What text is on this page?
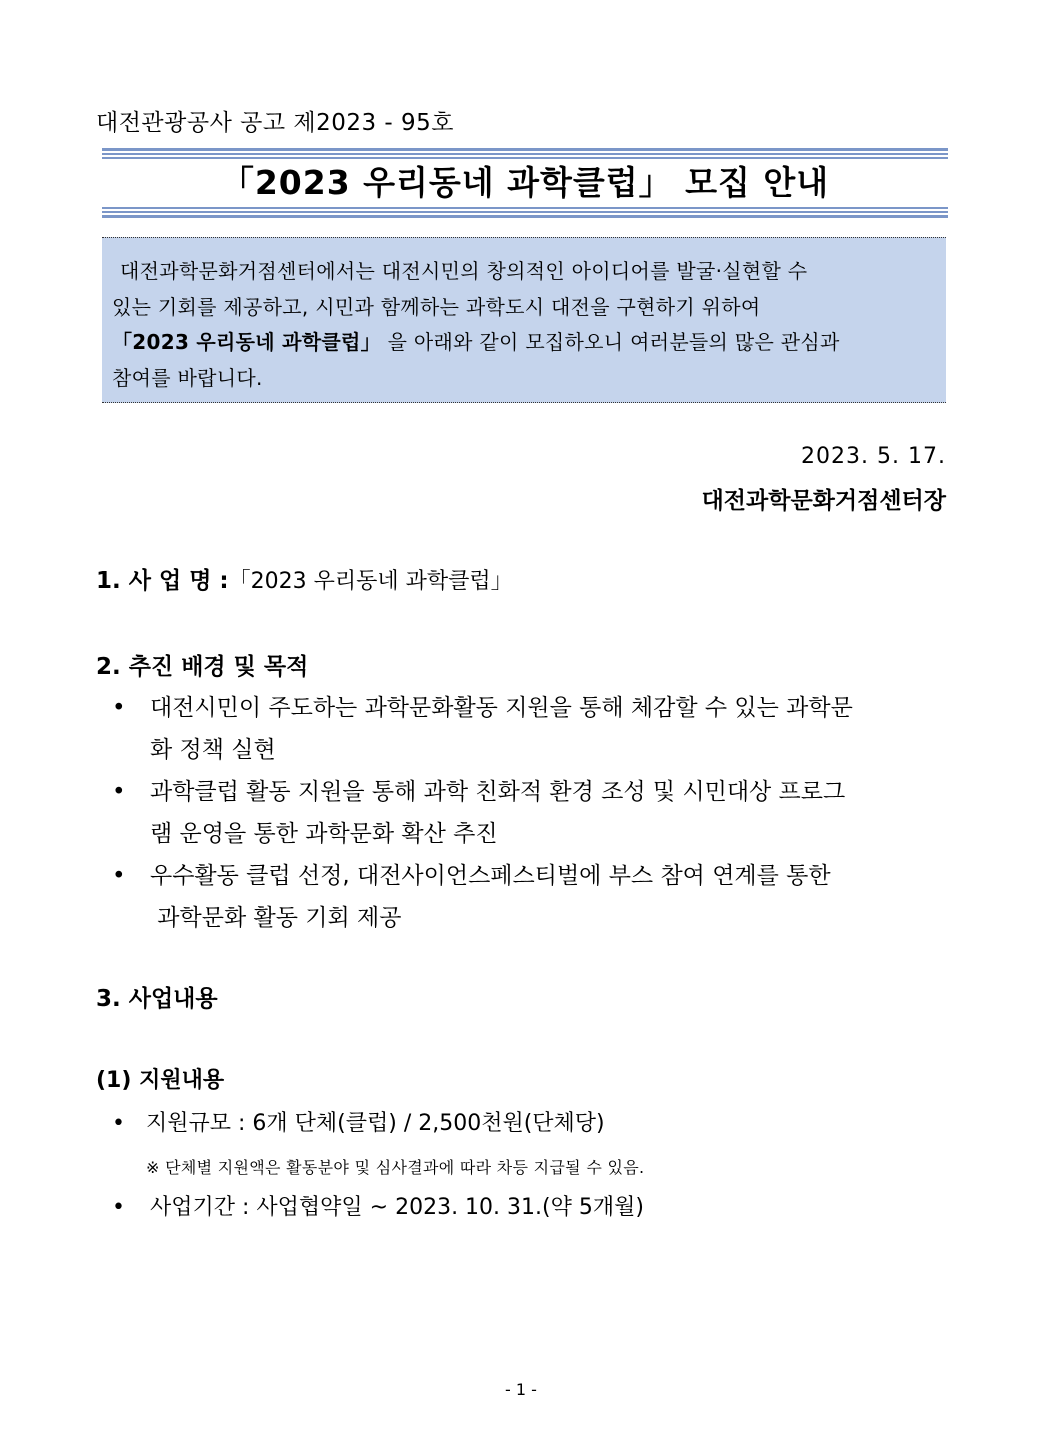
대전관광공사 공고 제2023 - 95호
「2023 우리동네 과학클럽」 모집 안내
대전과학문화거점센터에서는 대전시민의 창의적인 아이디어를 발굴·실현할 수
있는 기회를 제공하고, 시민과 함께하는 과학도시 대전을 구현하기 위하여
「2023 우리동네 과학클럽」 을 아래와 같이 모집하오니 여러분들의 많은 관심과
참여를 바랍니다.
2023. 5. 17.
대전과학문화거점센터장
1. 사 업 명 :「2023 우리동네 과학클럽」
2. 추진 배경 및 목적
• 대전시민이 주도하는 과학문화활동 지원을 통해 체감할 수 있는 과학문
화 정책 실현
• 과학클럽 활동 지원을 통해 과학 친화적 환경 조성 및 시민대상 프로그
램 운영을 통한 과학문화 확산 추진
• 우수활동 클럽 선정, 대전사이언스페스티벌에 부스 참여 연계를 통한
과학문화 활동 기회 제공
3. 사업내용
(1) 지원내용
• 지원규모 : 6개 단체(클럽) / 2,500천원(단체당)
※ 단체별 지원액은 활동분야 및 심사결과에 따라 차등 지급될 수 있음.
• 사업기간 : 사업협약일 ~ 2023. 10. 31.(약 5개월)
- 1 -
